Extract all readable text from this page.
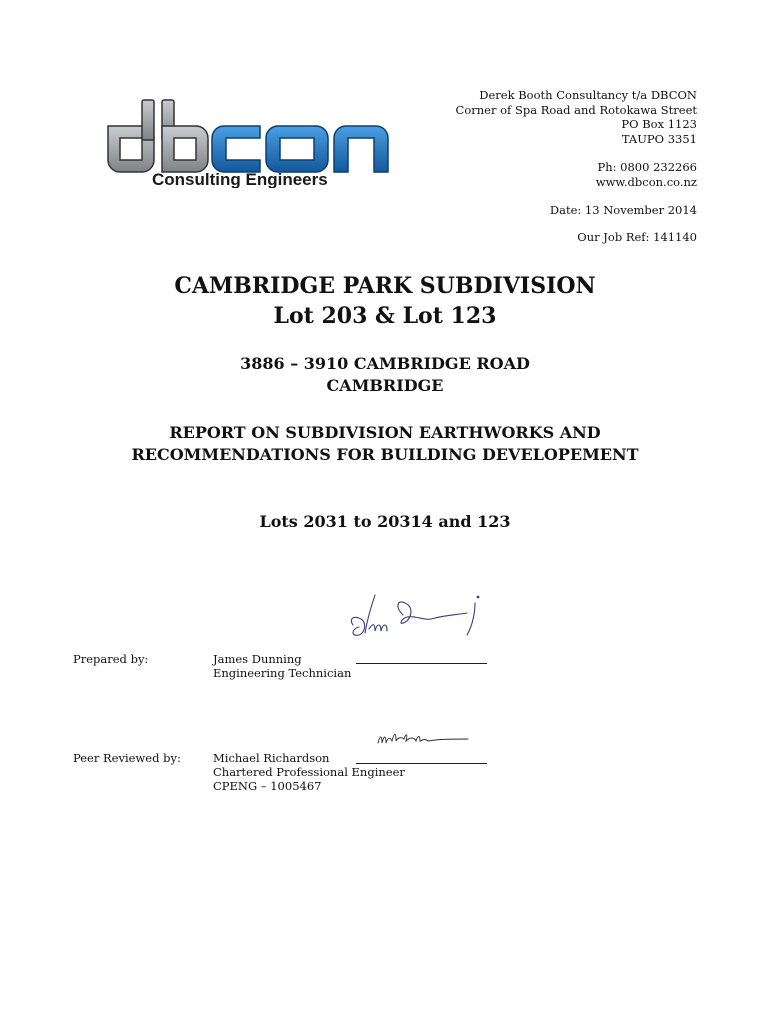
Consulting Engineers
Derek Booth Consultancy t/a DBCON
Corner of Spa Road and Rotokawa Street
PO Box 1123
TAUPO 3351
Ph: 0800 232266
www.dbcon.co.nz
Date: 13 November 2014
Our Job Ref: 141140
CAMBRIDGE PARK SUBDIVISION
Lot 203 & Lot 123
3886 – 3910 CAMBRIDGE ROAD
CAMBRIDGE
REPORT ON SUBDIVISION EARTHWORKS AND
RECOMMENDATIONS FOR BUILDING DEVELOPEMENT
Lots 2031 to 20314 and 123
Prepared by:	James Dunning
Engineering Technician
Peer Reviewed by:	Michael Richardson
Chartered Professional Engineer
CPENG – 1005467
